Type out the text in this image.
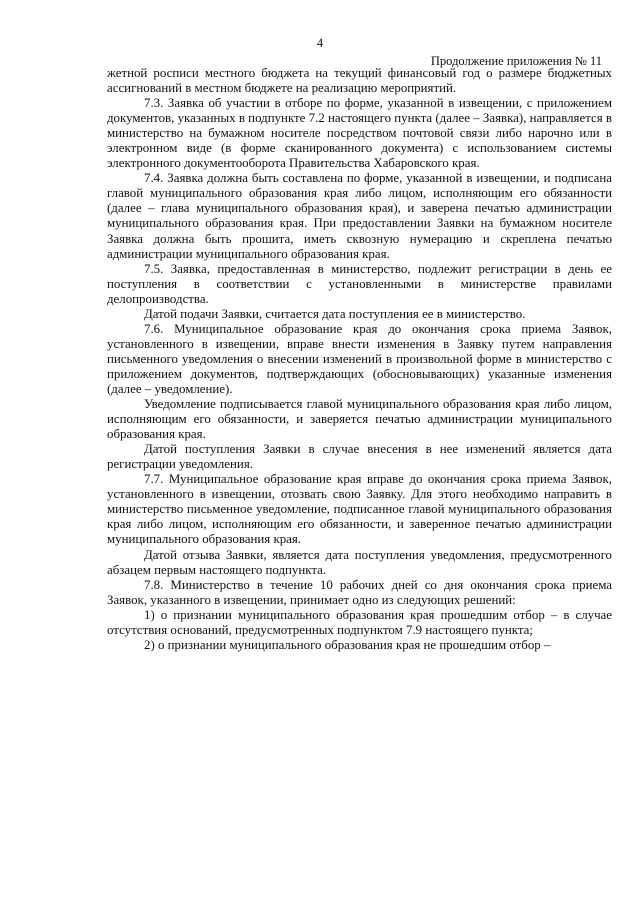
4
Продолжение приложения № 11

жетной росписи местного бюджета на текущий финансовый год о размере бюджетных ассигнований в местном бюджете на реализацию мероприятий.

7.3. Заявка об участии в отборе по форме, указанной в извещении, с приложением документов, указанных в подпункте 7.2 настоящего пункта (далее – Заявка), направляется в министерство на бумажном носителе посредством почтовой связи либо нарочно или в электронном виде (в форме сканированного документа) с использованием системы электронного документооборота Правительства Хабаровского края.

7.4. Заявка должна быть составлена по форме, указанной в извещении, и подписана главой муниципального образования края либо лицом, исполняющим его обязанности (далее – глава муниципального образования края), и заверена печатью администрации муниципального образования края. При предоставлении Заявки на бумажном носителе Заявка должна быть прошита, иметь сквозную нумерацию и скреплена печатью администрации муниципального образования края.

7.5. Заявка, предоставленная в министерство, подлежит регистрации в день ее поступления в соответствии с установленными в министерстве правилами делопроизводства.

Датой подачи Заявки, считается дата поступления ее в министерство.

7.6. Муниципальное образование края до окончания срока приема Заявок, установленного в извещении, вправе внести изменения в Заявку путем направления письменного уведомления о внесении изменений в произвольной форме в министерство с приложением документов, подтверждающих (обосновывающих) указанные изменения (далее – уведомление).

Уведомление подписывается главой муниципального образования края либо лицом, исполняющим его обязанности, и заверяется печатью администрации муниципального образования края.

Датой поступления Заявки в случае внесения в нее изменений является дата регистрации уведомления.

7.7. Муниципальное образование края вправе до окончания срока приема Заявок, установленного в извещении, отозвать свою Заявку. Для этого необходимо направить в министерство письменное уведомление, подписанное главой муниципального образования края либо лицом, исполняющим его обязанности, и заверенное печатью администрации муниципального образования края.

Датой отзыва Заявки, является дата поступления уведомления, предусмотренного абзацем первым настоящего подпункта.

7.8. Министерство в течение 10 рабочих дней со дня окончания срока приема Заявок, указанного в извещении, принимает одно из следующих решений:

1) о признании муниципального образования края прошедшим отбор – в случае отсутствия оснований, предусмотренных подпунктом 7.9 настоящего пункта;

2) о признании муниципального образования края не прошедшим отбор –
